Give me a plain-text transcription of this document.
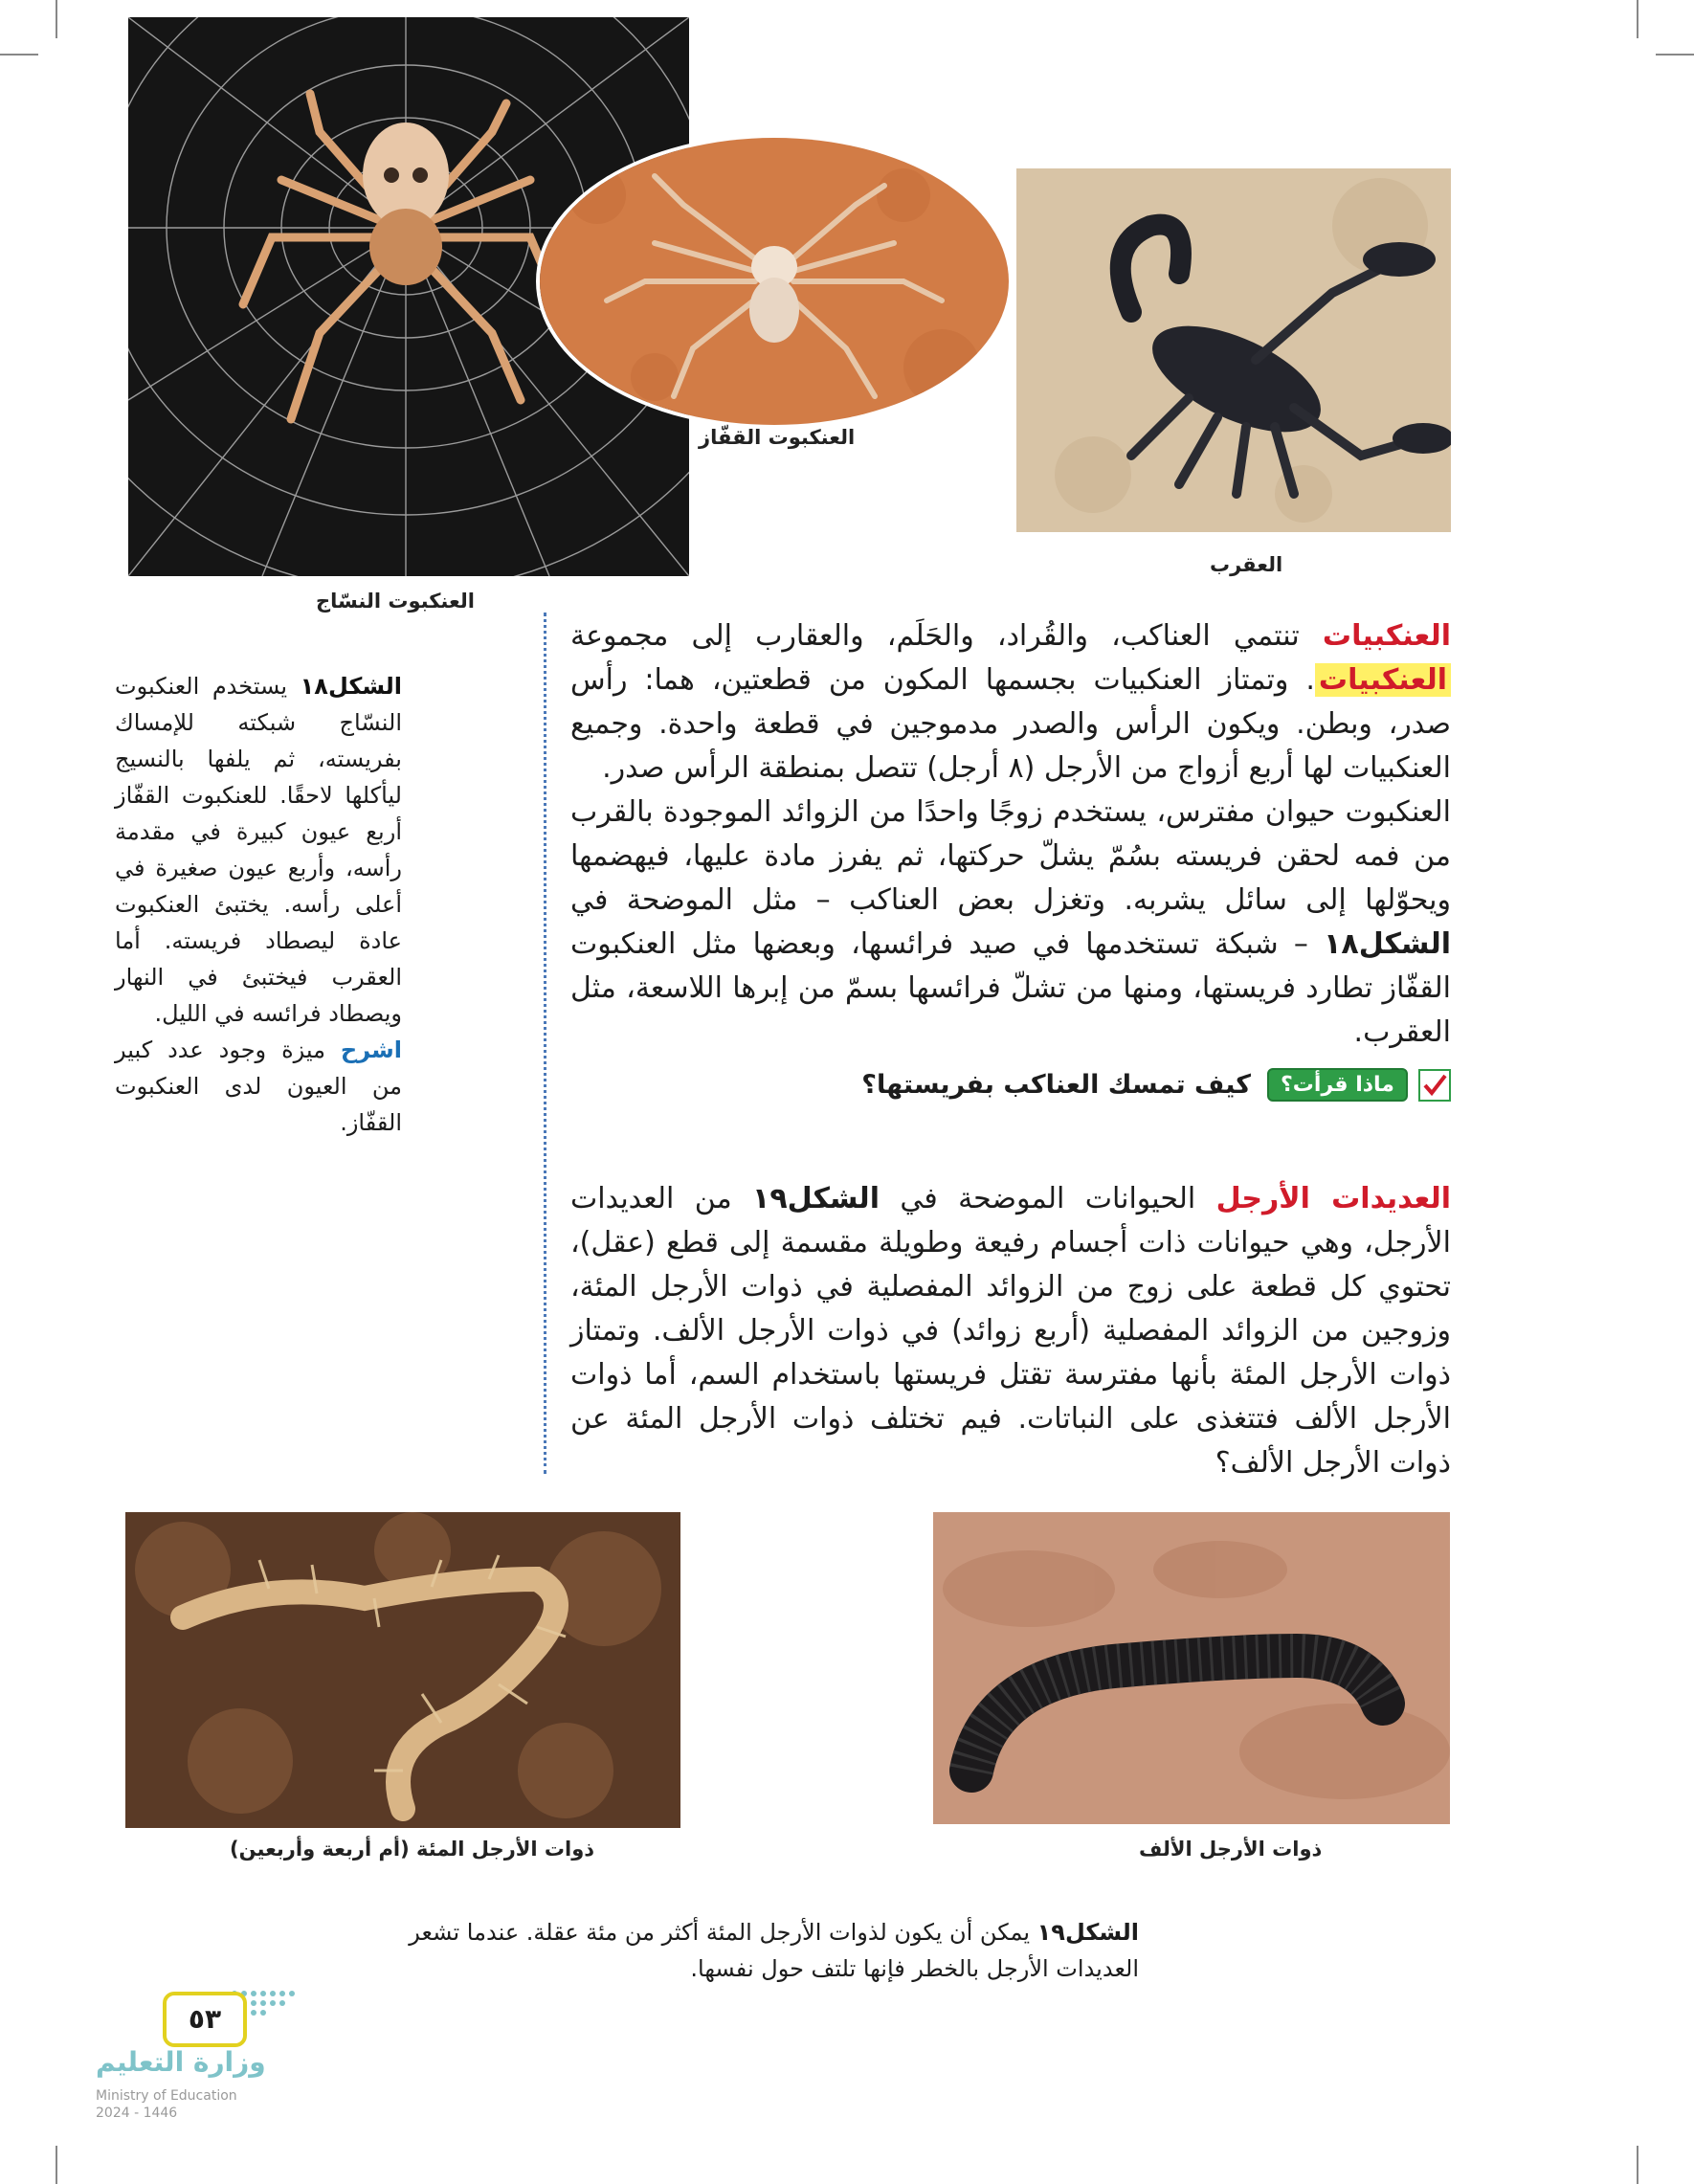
العنكبوت النسّاج
العنكبوت القفّاز
العقرب

الشكل١٨ يستخدم العنكبوت النسّاج شبكته للإمساك بفريسته، ثم يلفها بالنسيج ليأكلها لاحقًا. للعنكبوت القفّاز أربع عيون كبيرة في مقدمة رأسه، وأربع عيون صغيرة في أعلى رأسه. يختبئ العنكبوت عادة ليصطاد فريسته. أما العقرب فيختبئ في النهار ويصطاد فرائسه في الليل.

اشرح ميزة وجود عدد كبير من العيون لدى العنكبوت القفّاز.

العنكبيات تنتمي العناكب، والقُراد، والحَلَم، والعقارب إلى مجموعة العنكبيات. وتمتاز العنكبيات بجسمها المكون من قطعتين، هما: رأس صدر، وبطن. ويكون الرأس والصدر مدموجين في قطعة واحدة. وجميع العنكبيات لها أربع أزواج من الأرجل (٨ أرجل) تتصل بمنطقة الرأس صدر.

العنكبوت حيوان مفترس، يستخدم زوجًا واحدًا من الزوائد الموجودة بالقرب من فمه لحقن فريسته بسُمّ يشلّ حركتها، ثم يفرز مادة عليها، فيهضمها ويحوّلها إلى سائل يشربه. وتغزل بعض العناكب – مثل الموضحة في الشكل١٨ – شبكة تستخدمها في صيد فرائسها، وبعضها مثل العنكبوت القفّاز تطارد فريستها، ومنها من تشلّ فرائسها بسمّ من إبرها اللاسعة، مثل العقرب.

ماذا قرأت؟ كيف تمسك العناكب بفريستها؟

العديدات الأرجل الحيوانات الموضحة في الشكل١٩ من العديدات الأرجل، وهي حيوانات ذات أجسام رفيعة وطويلة مقسمة إلى قطع (عقل)، تحتوي كل قطعة على زوج من الزوائد المفصلية في ذوات الأرجل المئة، وزوجين من الزوائد المفصلية (أربع زوائد) في ذوات الأرجل الألف. وتمتاز ذوات الأرجل المئة بأنها مفترسة تقتل فريستها باستخدام السم، أما ذوات الأرجل الألف فتتغذى على النباتات. فيم تختلف ذوات الأرجل المئة عن ذوات الأرجل الألف؟

ذوات الأرجل المئة (أم أربعة وأربعين)	ذوات الأرجل الألف
الشكل١٩ يمكن أن يكون لذوات الأرجل المئة أكثر من مئة عقلة. عندما تشعر العديدات الأرجل بالخطر فإنها تلتف حول نفسها.
٥٣
وزارة التعليم
Ministry of Education
2024 - 1446
